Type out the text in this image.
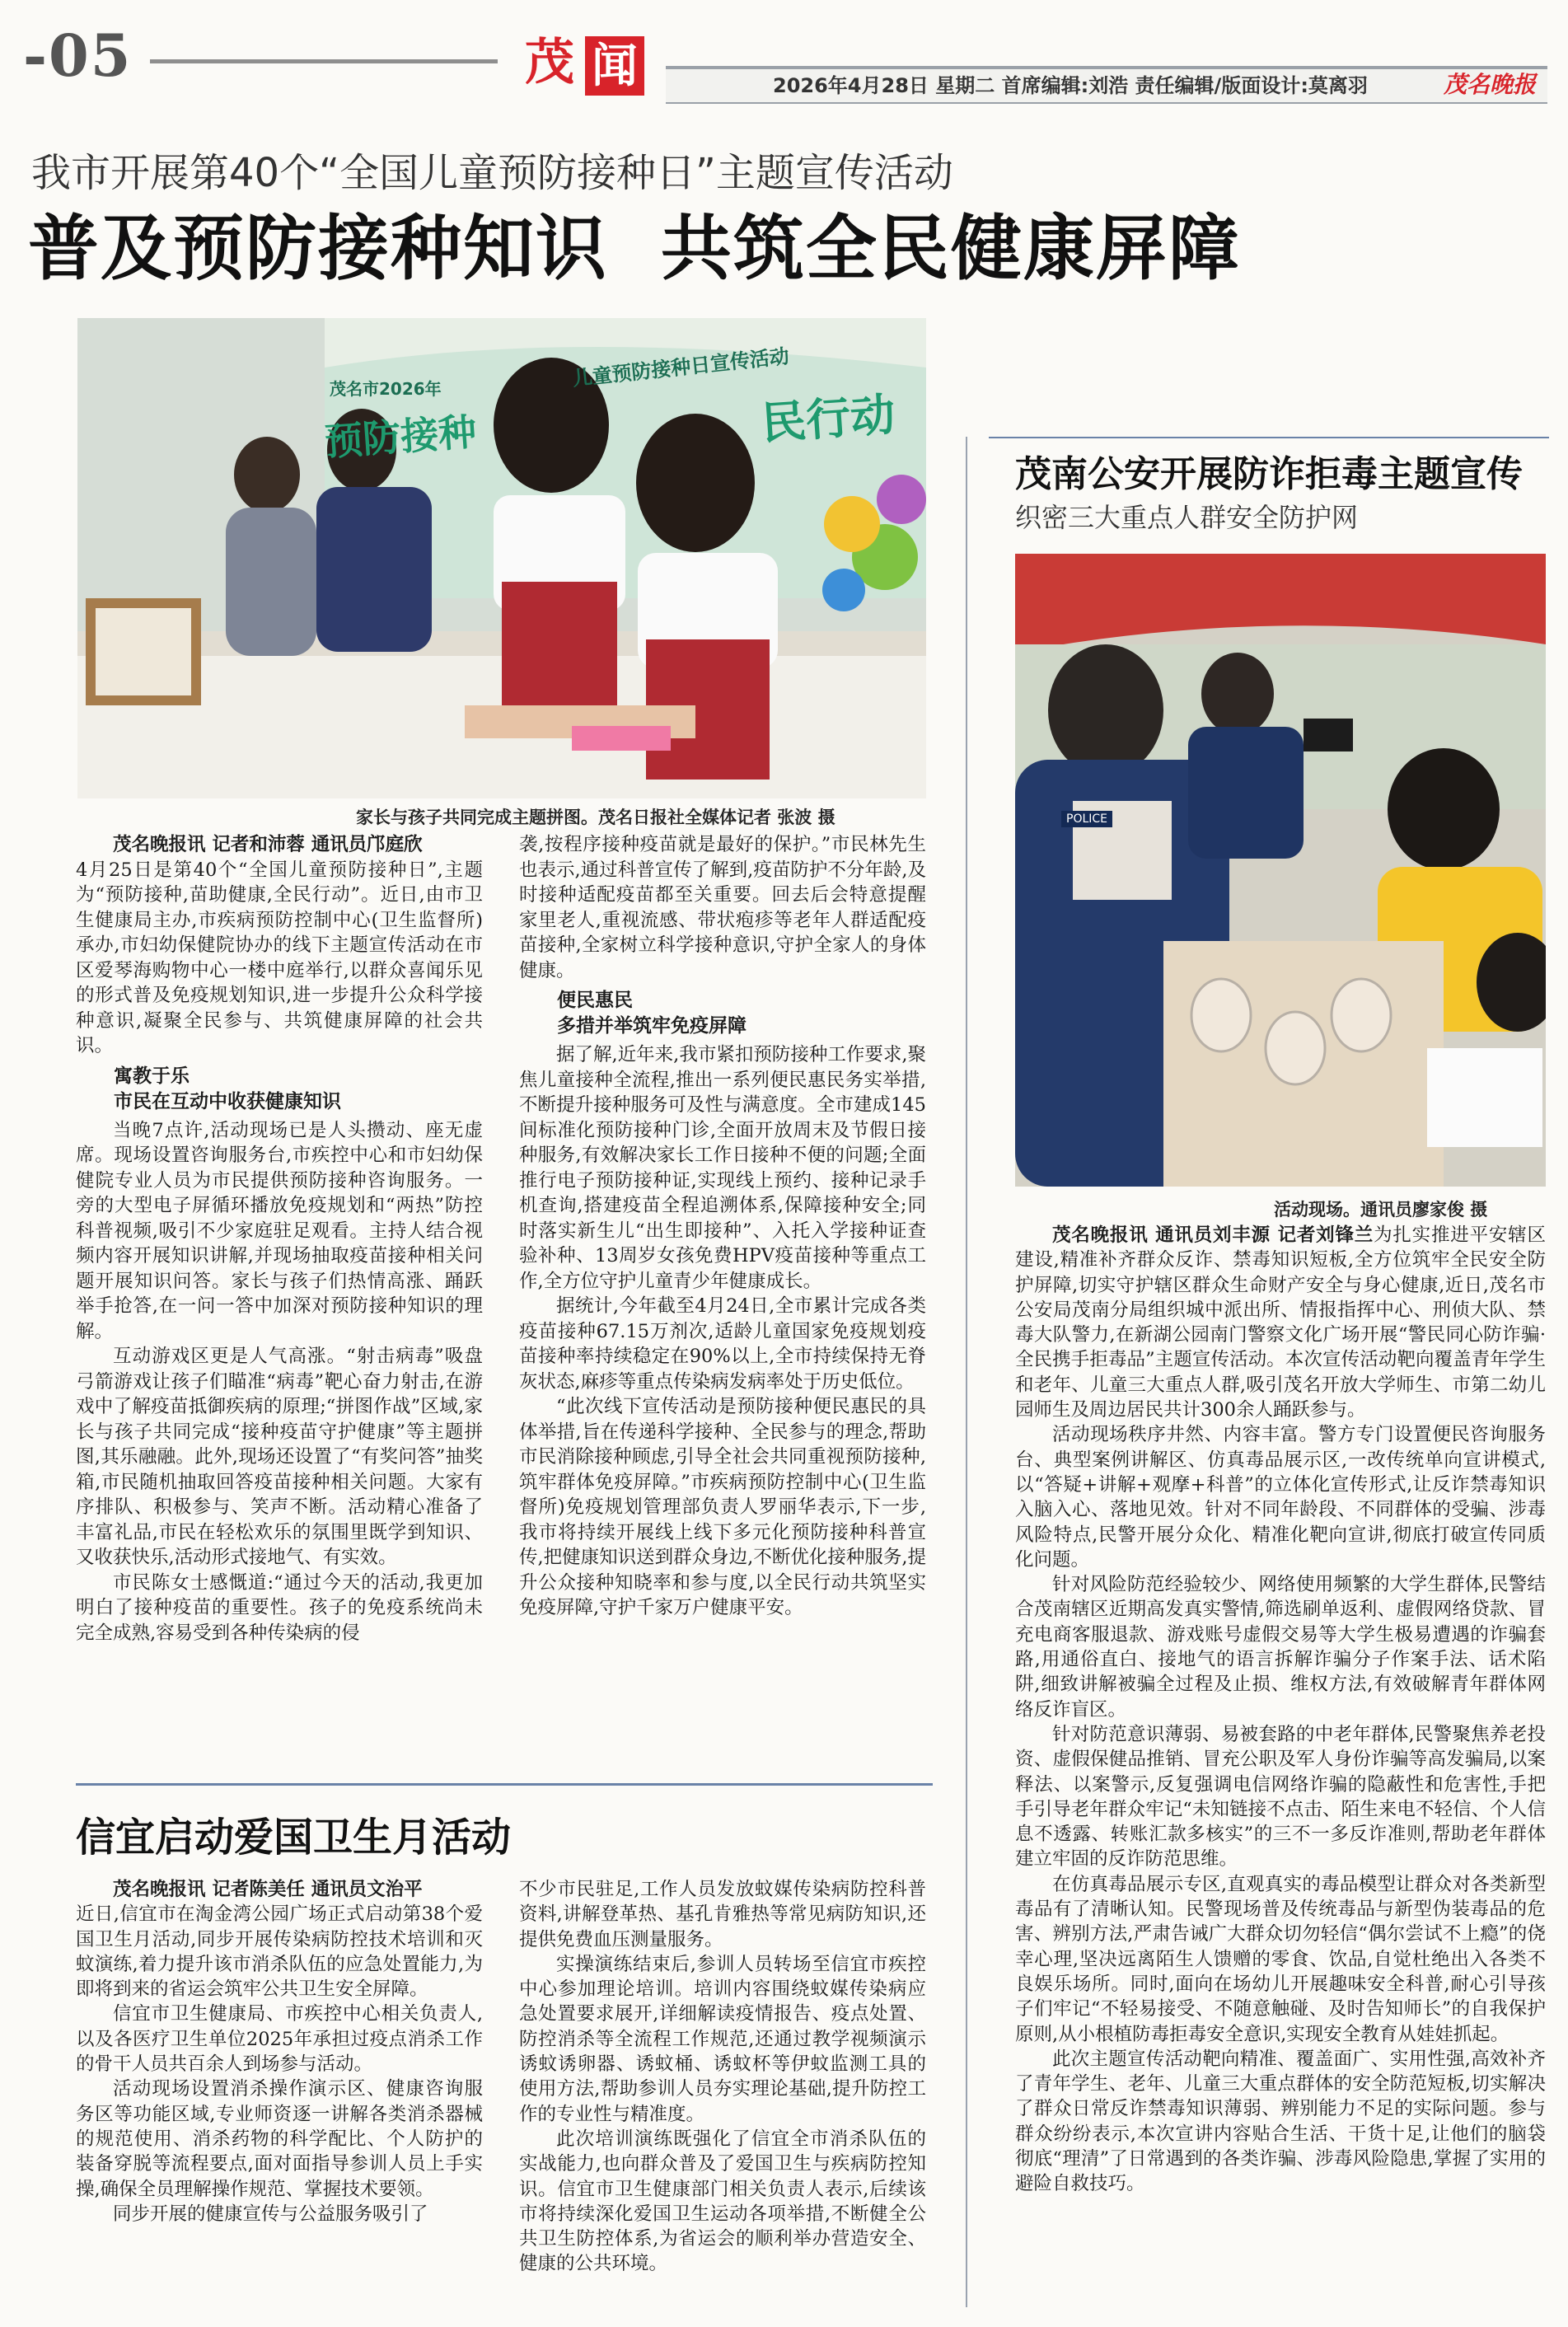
-05	茂 闻	2026年4月28日 星期二 首席编辑:刘浩 责任编辑/版面设计:莫离羽	茂名晚报
我市开展第40个“全国儿童预防接种日”主题宣传活动
普及预防接种知识  共筑全民健康屏障
茂名市2026年	儿童预防接种日宣传活动
预防接种	民行动
家长与孩子共同完成主题拼图。茂名日报社全媒体记者 张波 摄

茂名晚报讯 记者和沛蓉 通讯员邝庭欣

4月25日是第40个“全国儿童预防接种日”,主题为“预防接种,苗助健康,全民行动”。近日,由市卫生健康局主办,市疾病预防控制中心(卫生监督所)承办,市妇幼保健院协办的线下主题宣传活动在市区爱琴海购物中心一楼中庭举行,以群众喜闻乐见的形式普及免疫规划知识,进一步提升公众科学接种意识,凝聚全民参与、共筑健康屏障的社会共识。

寓教于乐
市民在互动中收获健康知识

当晚7点许,活动现场已是人头攒动、座无虚席。现场设置咨询服务台,市疾控中心和市妇幼保健院专业人员为市民提供预防接种咨询服务。一旁的大型电子屏循环播放免疫规划和“两热”防控科普视频,吸引不少家庭驻足观看。主持人结合视频内容开展知识讲解,并现场抽取疫苗接种相关问题开展知识问答。家长与孩子们热情高涨、踊跃举手抢答,在一问一答中加深对预防接种知识的理解。

互动游戏区更是人气高涨。“射击病毒”吸盘弓箭游戏让孩子们瞄准“病毒”靶心奋力射击,在游戏中了解疫苗抵御疾病的原理;“拼图作战”区域,家长与孩子共同完成“接种疫苗守护健康”等主题拼图,其乐融融。此外,现场还设置了“有奖问答”抽奖箱,市民随机抽取回答疫苗接种相关问题。大家有序排队、积极参与、笑声不断。活动精心准备了丰富礼品,市民在轻松欢乐的氛围里既学到知识、又收获快乐,活动形式接地气、有实效。

市民陈女士感慨道:“通过今天的活动,我更加明白了接种疫苗的重要性。孩子的免疫系统尚未完全成熟,容易受到各种传染病的侵

袭,按程序接种疫苗就是最好的保护。”市民林先生也表示,通过科普宣传了解到,疫苗防护不分年龄,及时接种适配疫苗都至关重要。回去后会特意提醒家里老人,重视流感、带状疱疹等老年人群适配疫苗接种,全家树立科学接种意识,守护全家人的身体健康。

便民惠民
多措并举筑牢免疫屏障

据了解,近年来,我市紧扣预防接种工作要求,聚焦儿童接种全流程,推出一系列便民惠民务实举措,不断提升接种服务可及性与满意度。全市建成145间标准化预防接种门诊,全面开放周末及节假日接种服务,有效解决家长工作日接种不便的问题;全面推行电子预防接种证,实现线上预约、接种记录手机查询,搭建疫苗全程追溯体系,保障接种安全;同时落实新生儿“出生即接种”、入托入学接种证查验补种、13周岁女孩免费HPV疫苗接种等重点工作,全方位守护儿童青少年健康成长。

据统计,今年截至4月24日,全市累计完成各类疫苗接种67.15万剂次,适龄儿童国家免疫规划疫苗接种率持续稳定在90%以上,全市持续保持无脊灰状态,麻疹等重点传染病发病率处于历史低位。

“此次线下宣传活动是预防接种便民惠民的具体举措,旨在传递科学接种、全民参与的理念,帮助市民消除接种顾虑,引导全社会共同重视预防接种,筑牢群体免疫屏障。”市疾病预防控制中心(卫生监督所)免疫规划管理部负责人罗丽华表示,下一步,我市将持续开展线上线下多元化预防接种科普宣传,把健康知识送到群众身边,不断优化接种服务,提升公众接种知晓率和参与度,以全民行动共筑坚实免疫屏障,守护千家万户健康平安。

茂南公安开展防诈拒毒主题宣传
织密三大重点人群安全防护网
POLICE
活动现场。通讯员廖家俊 摄

茂名晚报讯 通讯员刘丰源 记者刘锋兰为扎实推进平安辖区建设,精准补齐群众反诈、禁毒知识短板,全方位筑牢全民安全防护屏障,切实守护辖区群众生命财产安全与身心健康,近日,茂名市公安局茂南分局组织城中派出所、情报指挥中心、刑侦大队、禁毒大队警力,在新湖公园南门警察文化广场开展“警民同心防诈骗·全民携手拒毒品”主题宣传活动。本次宣传活动靶向覆盖青年学生和老年、儿童三大重点人群,吸引茂名开放大学师生、市第二幼儿园师生及周边居民共计300余人踊跃参与。

活动现场秩序井然、内容丰富。警方专门设置便民咨询服务台、典型案例讲解区、仿真毒品展示区,一改传统单向宣讲模式,以“答疑+讲解+观摩+科普”的立体化宣传形式,让反诈禁毒知识入脑入心、落地见效。针对不同年龄段、不同群体的受骗、涉毒风险特点,民警开展分众化、精准化靶向宣讲,彻底打破宣传同质化问题。

针对风险防范经验较少、网络使用频繁的大学生群体,民警结合茂南辖区近期高发真实警情,筛选刷单返利、虚假网络贷款、冒充电商客服退款、游戏账号虚假交易等大学生极易遭遇的诈骗套路,用通俗直白、接地气的语言拆解诈骗分子作案手法、话术陷阱,细致讲解被骗全过程及止损、维权方法,有效破解青年群体网络反诈盲区。

针对防范意识薄弱、易被套路的中老年群体,民警聚焦养老投资、虚假保健品推销、冒充公职及军人身份诈骗等高发骗局,以案释法、以案警示,反复强调电信网络诈骗的隐蔽性和危害性,手把手引导老年群众牢记“未知链接不点击、陌生来电不轻信、个人信息不透露、转账汇款多核实”的三不一多反诈准则,帮助老年群体建立牢固的反诈防范思维。

在仿真毒品展示专区,直观真实的毒品模型让群众对各类新型毒品有了清晰认知。民警现场普及传统毒品与新型伪装毒品的危害、辨别方法,严肃告诫广大群众切勿轻信“偶尔尝试不上瘾”的侥幸心理,坚决远离陌生人馈赠的零食、饮品,自觉杜绝出入各类不良娱乐场所。同时,面向在场幼儿开展趣味安全科普,耐心引导孩子们牢记“不轻易接受、不随意触碰、及时告知师长”的自我保护原则,从小根植防毒拒毒安全意识,实现安全教育从娃娃抓起。

此次主题宣传活动靶向精准、覆盖面广、实用性强,高效补齐了青年学生、老年、儿童三大重点群体的安全防范短板,切实解决了群众日常反诈禁毒知识薄弱、辨别能力不足的实际问题。参与群众纷纷表示,本次宣讲内容贴合生活、干货十足,让他们的脑袋彻底“理清”了日常遇到的各类诈骗、涉毒风险隐患,掌握了实用的避险自救技巧。

信宜启动爱国卫生月活动

茂名晚报讯 记者陈美任 通讯员文治平

近日,信宜市在淘金湾公园广场正式启动第38个爱国卫生月活动,同步开展传染病防控技术培训和灭蚊演练,着力提升该市消杀队伍的应急处置能力,为即将到来的省运会筑牢公共卫生安全屏障。

信宜市卫生健康局、市疾控中心相关负责人,以及各医疗卫生单位2025年承担过疫点消杀工作的骨干人员共百余人到场参与活动。

活动现场设置消杀操作演示区、健康咨询服务区等功能区域,专业师资逐一讲解各类消杀器械的规范使用、消杀药物的科学配比、个人防护的装备穿脱等流程要点,面对面指导参训人员上手实操,确保全员理解操作规范、掌握技术要领。

同步开展的健康宣传与公益服务吸引了

不少市民驻足,工作人员发放蚊媒传染病防控科普资料,讲解登革热、基孔肯雅热等常见病防知识,还提供免费血压测量服务。

实操演练结束后,参训人员转场至信宜市疾控中心参加理论培训。培训内容围绕蚊媒传染病应急处置要求展开,详细解读疫情报告、疫点处置、防控消杀等全流程工作规范,还通过教学视频演示诱蚊诱卵器、诱蚊桶、诱蚊杯等伊蚊监测工具的使用方法,帮助参训人员夯实理论基础,提升防控工作的专业性与精准度。

此次培训演练既强化了信宜全市消杀队伍的实战能力,也向群众普及了爱国卫生与疾病防控知识。信宜市卫生健康部门相关负责人表示,后续该市将持续深化爱国卫生运动各项举措,不断健全公共卫生防控体系,为省运会的顺利举办营造安全、健康的公共环境。
